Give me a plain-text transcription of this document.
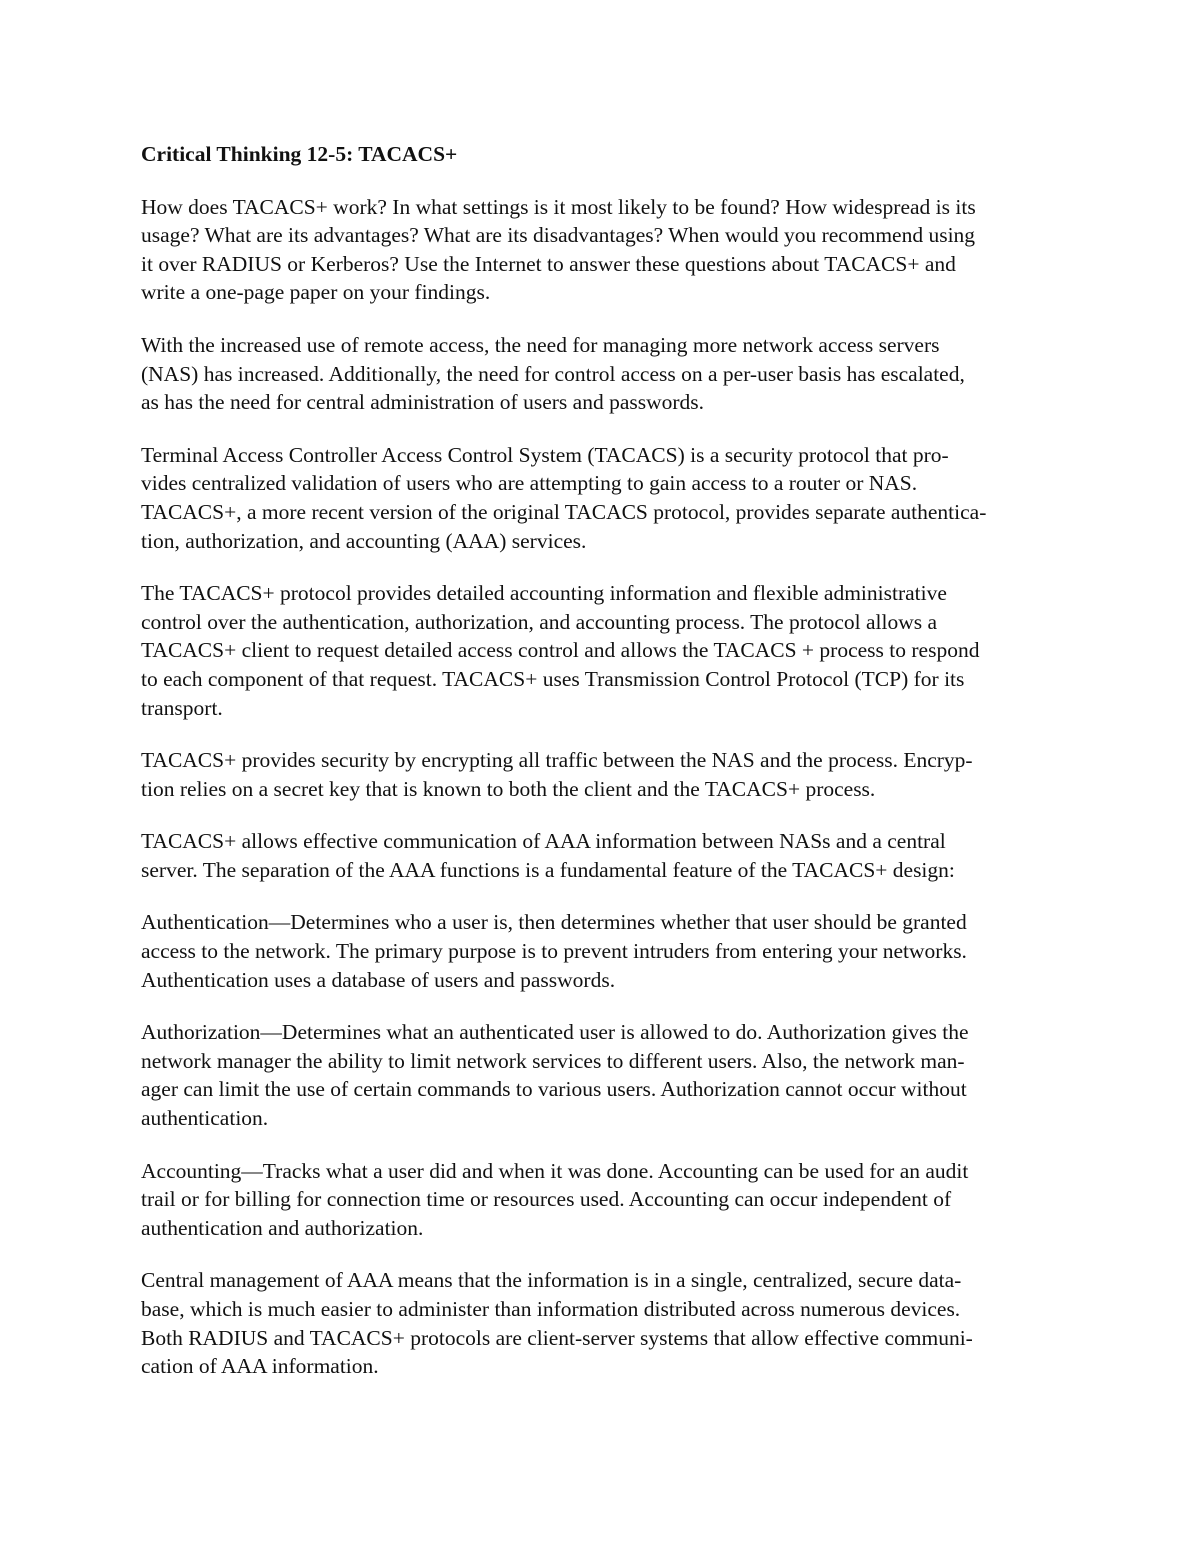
Critical Thinking 12-5: TACACS+
How does TACACS+ work? In what settings is it most likely to be found? How widespread is its
usage? What are its advantages? What are its disadvantages? When would you recommend using
it over RADIUS or Kerberos? Use the Internet to answer these questions about TACACS+ and
write a one-page paper on your findings.
With the increased use of remote access, the need for managing more network access servers
(NAS) has increased. Additionally, the need for control access on a per-user basis has escalated,
as has the need for central administration of users and passwords.
Terminal Access Controller Access Control System (TACACS) is a security protocol that pro-
vides centralized validation of users who are attempting to gain access to a router or NAS.
TACACS+, a more recent version of the original TACACS protocol, provides separate authentica-
tion, authorization, and accounting (AAA) services.
The TACACS+ protocol provides detailed accounting information and flexible administrative
control over the authentication, authorization, and accounting process. The protocol allows a
TACACS+ client to request detailed access control and allows the TACACS + process to respond
to each component of that request. TACACS+ uses Transmission Control Protocol (TCP) for its
transport.
TACACS+ provides security by encrypting all traffic between the NAS and the process. Encryp-
tion relies on a secret key that is known to both the client and the TACACS+ process.
TACACS+ allows effective communication of AAA information between NASs and a central
server. The separation of the AAA functions is a fundamental feature of the TACACS+ design:
Authentication—Determines who a user is, then determines whether that user should be granted
access to the network. The primary purpose is to prevent intruders from entering your networks.
Authentication uses a database of users and passwords.
Authorization—Determines what an authenticated user is allowed to do. Authorization gives the
network manager the ability to limit network services to different users. Also, the network man-
ager can limit the use of certain commands to various users. Authorization cannot occur without
authentication.
Accounting—Tracks what a user did and when it was done. Accounting can be used for an audit
trail or for billing for connection time or resources used. Accounting can occur independent of
authentication and authorization.
Central management of AAA means that the information is in a single, centralized, secure data-
base, which is much easier to administer than information distributed across numerous devices.
Both RADIUS and TACACS+ protocols are client-server systems that allow effective communi-
cation of AAA information.
